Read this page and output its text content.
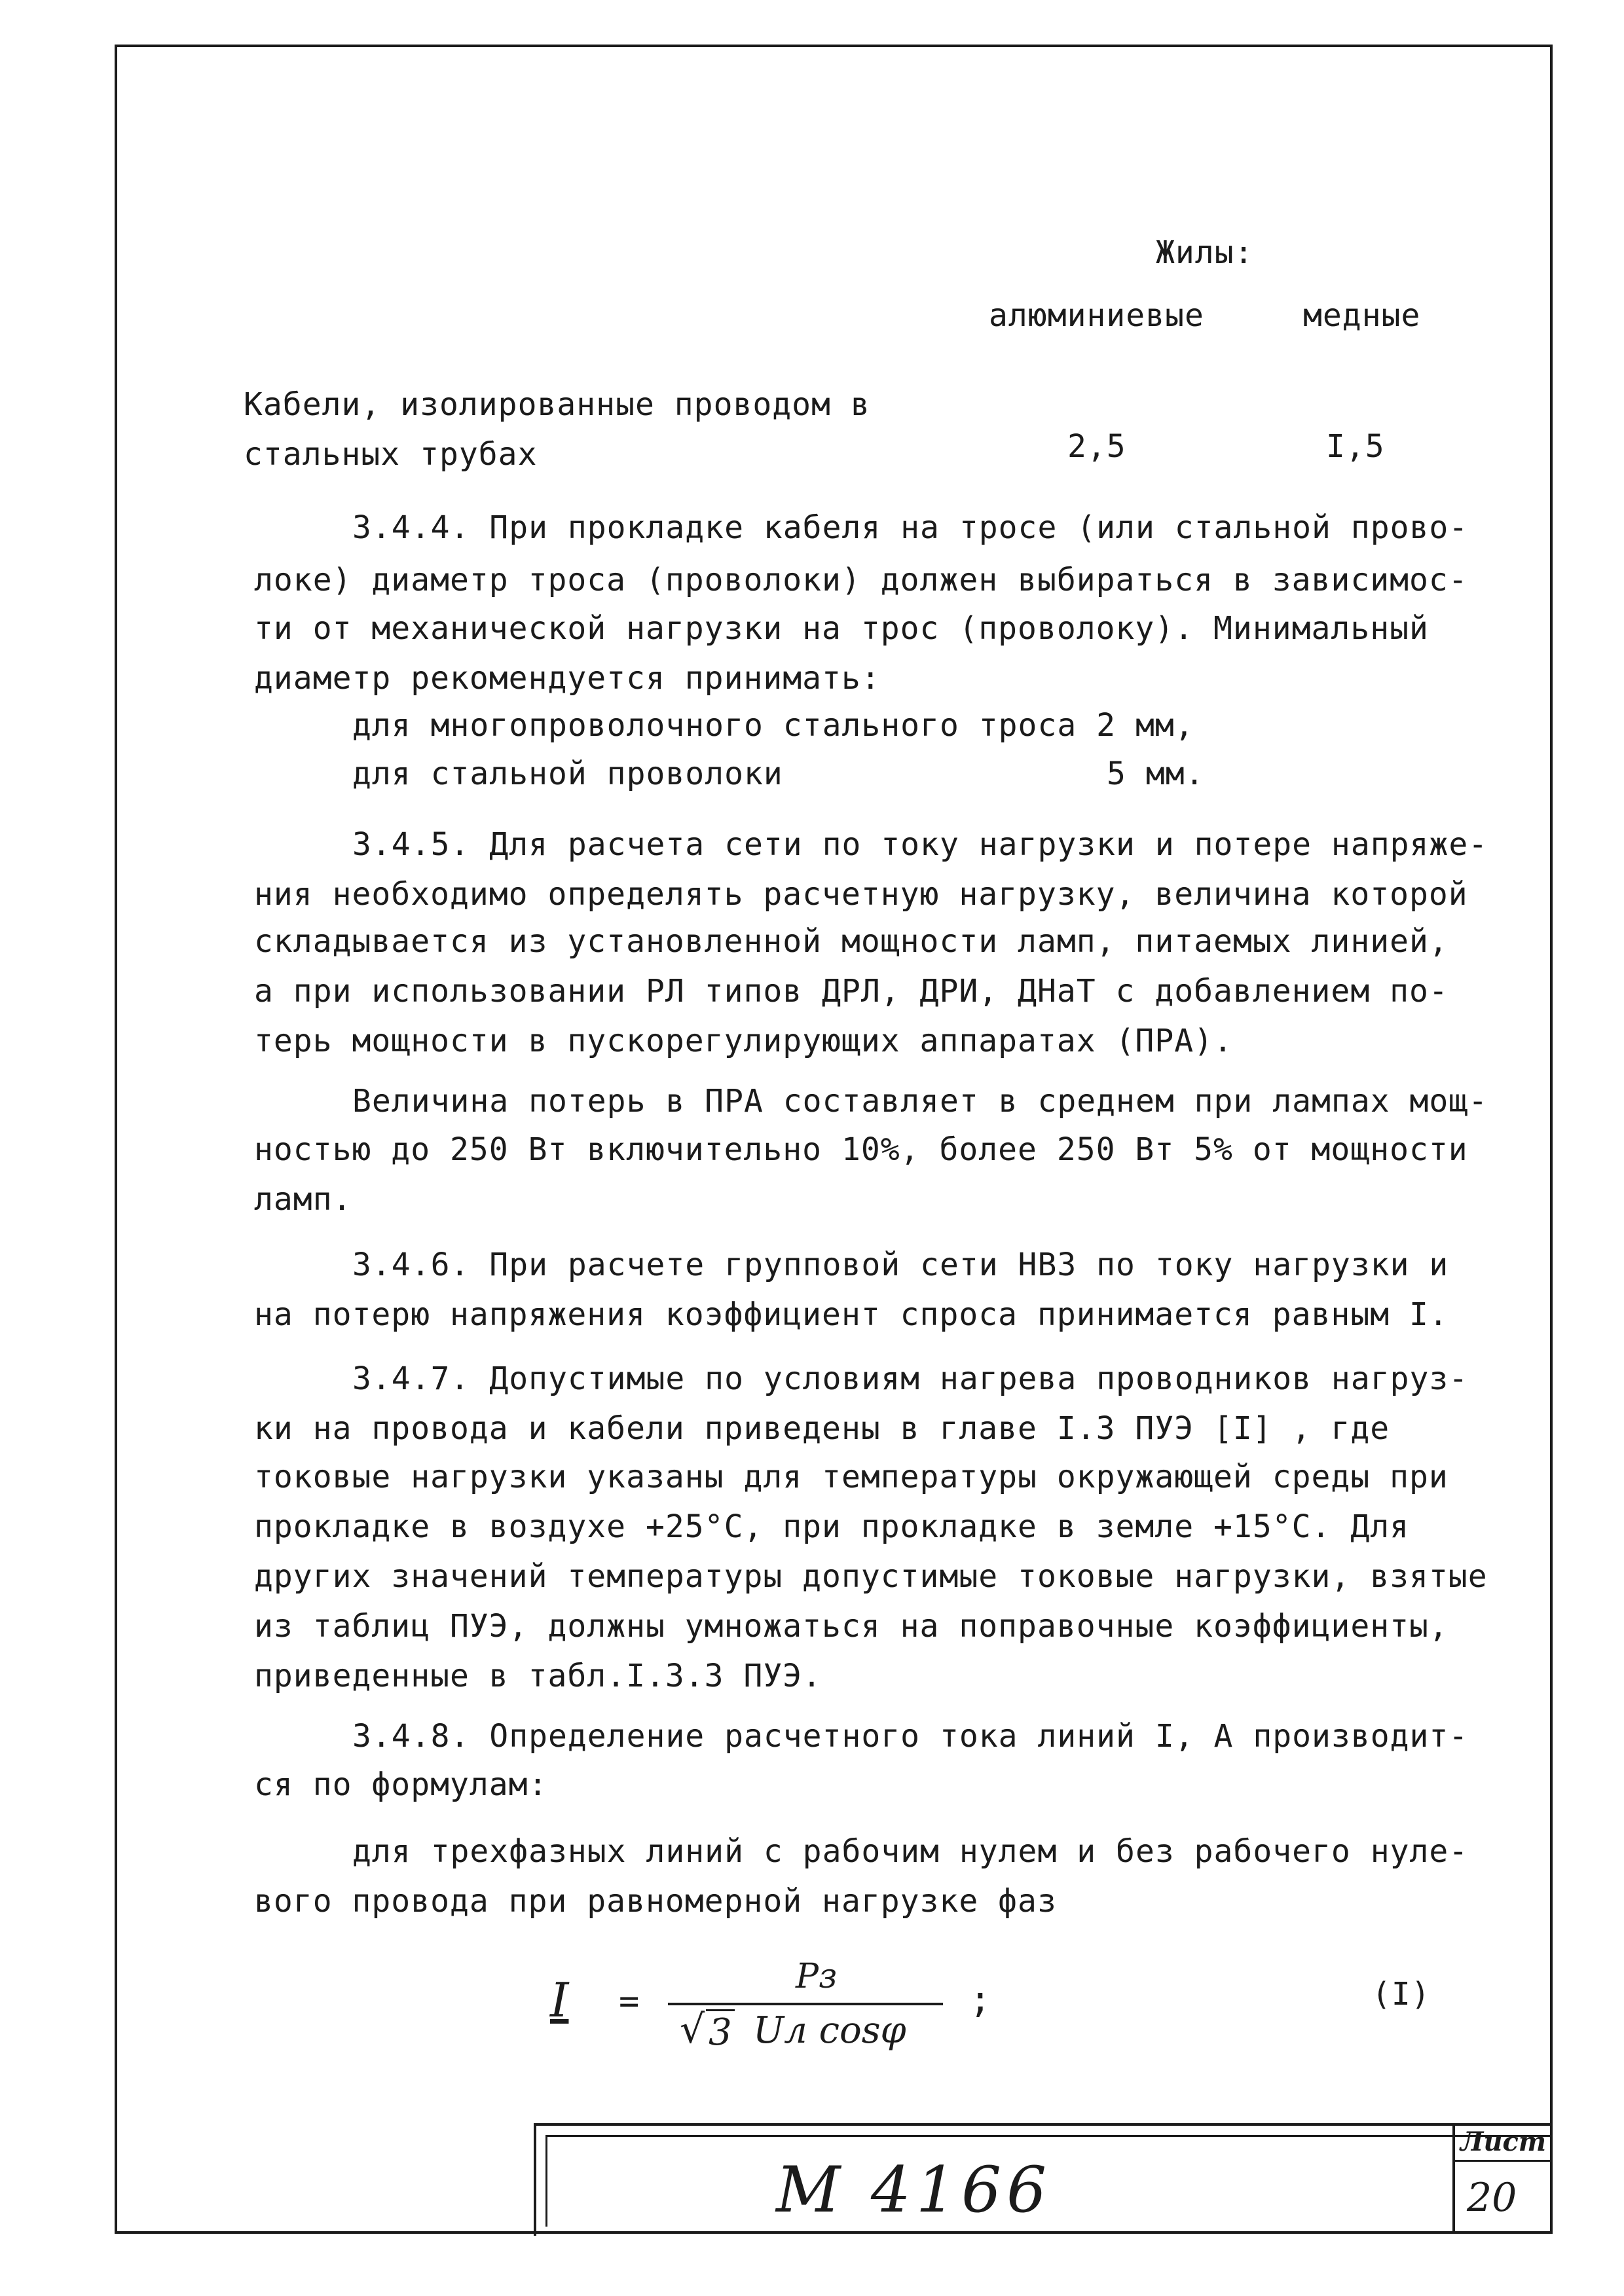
Жилы:
алюминиевые	медные
Кабели, изолированные проводом в
стальных трубах	2,5	I,5
3.4.4. При прокладке кабеля на тросе (или стальной прово-
локе) диаметр троса (проволоки) должен выбираться в зависимос-
ти от механической нагрузки на трос (проволоку). Минимальный
диаметр рекомендуется принимать:
для многопроволочного стального троса 2 мм,
для стальной проволоки	5 мм.
3.4.5. Для расчета сети по току нагрузки и потере напряже-
ния необходимо определять расчетную нагрузку, величина которой
складывается из установленной мощности ламп, питаемых линией,
а при использовании РЛ типов ДРЛ, ДРИ, ДНаТ с добавлением по-
терь мощности в пускорегулирующих аппаратах (ПРА).
Величина потерь в ПРА составляет в среднем при лампах мощ-
ностью до 250 Вт включительно 10%, более 250 Вт 5% от мощности
ламп.
3.4.6. При расчете групповой сети НВЗ по току нагрузки и
на потерю напряжения коэффициент спроса принимается равным I.
3.4.7. Допустимые по условиям нагрева проводников нагруз-
ки на провода и кабели приведены в главе I.3 ПУЭ [I] , где
токовые нагрузки указаны для температуры окружающей среды при
прокладке в воздухе +25°С, при прокладке в земле +15°С. Для
других значений температуры допустимые токовые нагрузки, взятые
из таблиц ПУЭ, должны умножаться на поправочные коэффициенты,
приведенные в табл.I.3.3 ПУЭ.
3.4.8. Определение расчетного тока линий I, А производит-
ся по формулам:
для трехфазных линий с рабочим нулем и без рабочего нуле-
вого провода при равномерной нагрузке фаз
I =
Pз
√ 3 Uл cosφ
;	(I)
М 4166
Лист
20
